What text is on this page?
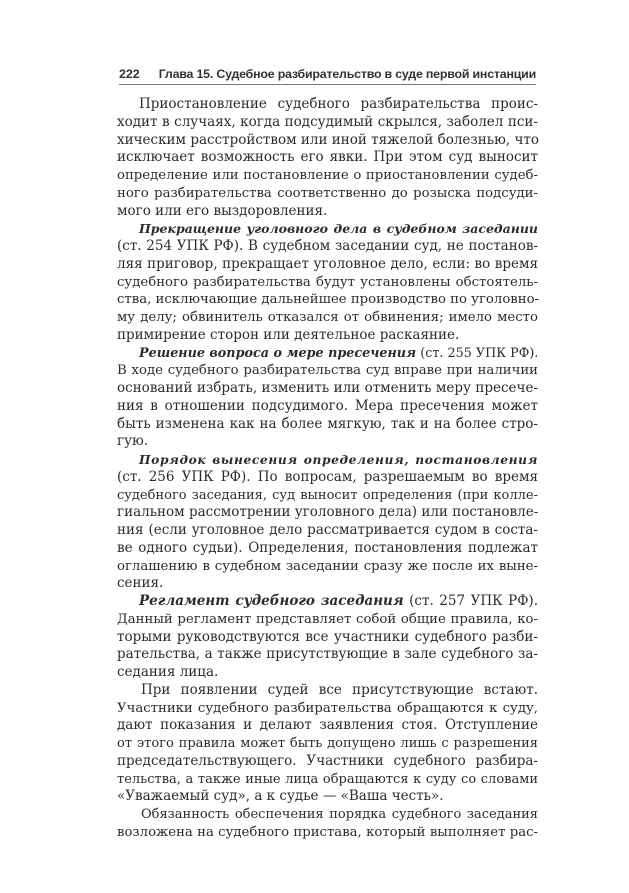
222	Глава 15. Судебное разбирательство в суде первой инстанции
Приостановление судебного разбирательства проис-
ходит в случаях, когда подсудимый скрылся, заболел пси-
хическим расстройством или иной тяжелой болезнью, что
исключает возможность его явки. При этом суд выносит
определение или постановление о приостановлении судеб-
ного разбирательства соответственно до розыска подсуди-
мого или его выздоровления.
Прекращение уголовного дела в судебном заседании
(ст. 254 УПК РФ). В судебном заседании суд, не постанов-
ляя приговор, прекращает уголовное дело, если: во время
судебного разбирательства будут установлены обстоятель-
ства, исключающие дальнейшее производство по уголовно-
му делу; обвинитель отказался от обвинения; имело место
примирение сторон или деятельное раскаяние.
Решение вопроса о мере пресечения (ст. 255 УПК РФ).
В ходе судебного разбирательства суд вправе при наличии
оснований избрать, изменить или отменить меру пресече-
ния в отношении подсудимого. Мера пресечения может
быть изменена как на более мягкую, так и на более стро-
гую.
Порядок вынесения определения, постановления
(ст. 256 УПК РФ). По вопросам, разрешаемым во время
судебного заседания, суд выносит определения (при колле-
гиальном рассмотрении уголовного дела) или постановле-
ния (если уголовное дело рассматривается судом в соста-
ве одного судьи). Определения, постановления подлежат
оглашению в судебном заседании сразу же после их выне-
сения.
Регламент судебного заседания (ст. 257 УПК РФ).
Данный регламент представляет собой общие правила, ко-
торыми руководствуются все участники судебного разби-
рательства, а также присутствующие в зале судебного за-
седания лица.
При появлении судей все присутствующие встают.
Участники судебного разбирательства обращаются к суду,
дают показания и делают заявления стоя. Отступление
от этого правила может быть допущено лишь с разрешения
председательствующего. Участники судебного разбира-
тельства, а также иные лица обращаются к суду со словами
«Уважаемый суд», а к судье — «Ваша честь».
Обязанность обеспечения порядка судебного заседания
возложена на судебного пристава, который выполняет рас-
